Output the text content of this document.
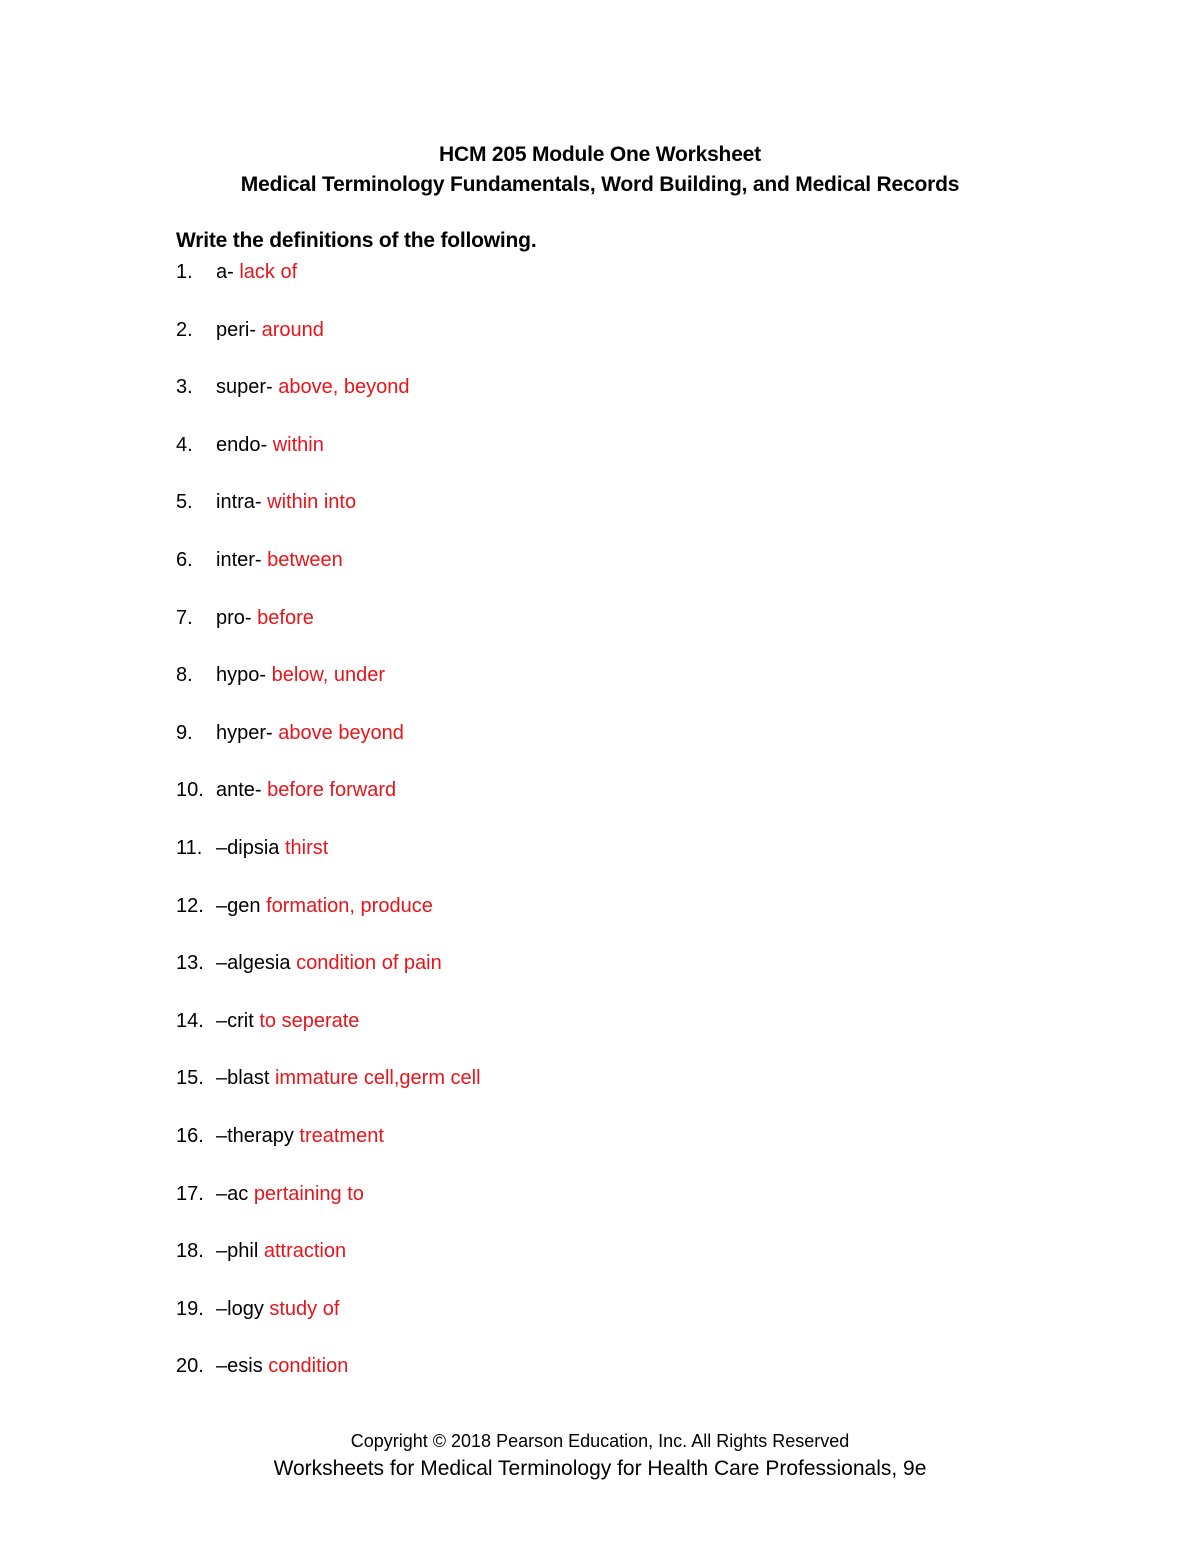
HCM 205 Module One Worksheet
Medical Terminology Fundamentals, Word Building, and Medical Records
Write the definitions of the following.
1. a- lack of
2. peri- around
3. super- above, beyond
4. endo- within
5. intra- within into
6. inter- between
7. pro- before
8. hypo- below, under
9. hyper- above beyond
10. ante- before forward
11. –dipsia thirst
12. –gen formation, produce
13. –algesia condition of pain
14. –crit to seperate
15. –blast immature cell,germ cell
16. –therapy treatment
17. –ac pertaining to
18. –phil attraction
19. –logy study of
20. –esis condition
Copyright © 2018 Pearson Education, Inc. All Rights Reserved
Worksheets for Medical Terminology for Health Care Professionals, 9e
